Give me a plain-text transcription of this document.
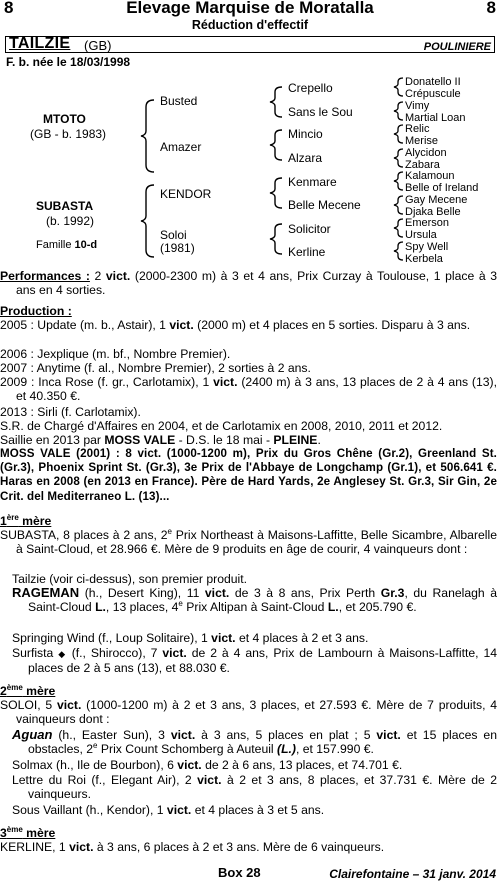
Elevage Marquise de Moratalla
8	8
Réduction d'effectif
TAILZIE (GB)	POULINIERE
F. b. née le 18/03/1998
MTOTO
(GB - b. 1983)
SUBASTA
(b. 1992)
Famille 10-d
Busted
Amazer
KENDOR
Soloi
(1981)
Crepello
Sans le Sou
Mincio
Alzara
Kenmare
Belle Mecene
Solicitor
Kerline
Donatello II
Crépuscule
Vimy
Martial Loan
Relic
Merise
Alycidon
Zabara
Kalamoun
Belle of Ireland
Gay Mecene
Djaka Belle
Emerson
Ursula
Spy Well
Kerbela
Performances : 2 vict. (2000-2300 m) à 3 et 4 ans, Prix Curzay à Toulouse, 1 place à 3 ans en 4 sorties.
Production :
2005 : Update (m. b., Astair), 1 vict. (2000 m) et 4 places en 5 sorties. Disparu à 3 ans.
2006 : Jexplique (m. bf., Nombre Premier).
2007 : Anytime (f. al., Nombre Premier), 2 sorties à 2 ans.
2009 : Inca Rose (f. gr., Carlotamix), 1 vict. (2400 m) à 3 ans, 13 places de 2 à 4 ans (13), et 40.350 €.
2013 : Sirli (f. Carlotamix).
S.R. de Chargé d'Affaires en 2004, et de Carlotamix en 2008, 2010, 2011 et 2012.
Saillie en 2013 par MOSS VALE - D.S. le 18 mai - PLEINE.
MOSS VALE (2001) : 8 vict. (1000-1200 m), Prix du Gros Chêne (Gr.2), Greenland St. (Gr.3), Phoenix Sprint St. (Gr.3), 3e Prix de l'Abbaye de Longchamp (Gr.1), et 506.641 €. Haras en 2008 (en 2013 en France). Père de Hard Yards, 2e Anglesey St. Gr.3, Sir Gin, 2e Crit. del Mediterraneo L. (13)...
1ère mère
SUBASTA, 8 places à 2 ans, 2e Prix Northeast à Maisons-Laffitte, Belle Sicambre, Albarelle à Saint-Cloud, et 28.966 €. Mère de 9 produits en âge de courir, 4 vainqueurs dont :
Tailzie (voir ci-dessus), son premier produit.
RAGEMAN (h., Desert King), 11 vict. de 3 à 8 ans, Prix Perth Gr.3, du Ranelagh à Saint-Cloud L., 13 places, 4e Prix Altipan à Saint-Cloud L., et 205.790 €.
Springing Wind (f., Loup Solitaire), 1 vict. et 4 places à 2 et 3 ans.
Surfista ◆ (f., Shirocco), 7 vict. de 2 à 4 ans, Prix de Lambourn à Maisons-Laffitte, 14 places de 2 à 5 ans (13), et 88.030 €.
2ème mère
SOLOI, 5 vict. (1000-1200 m) à 2 et 3 ans, 3 places, et 27.593 €. Mère de 7 produits, 4 vainqueurs dont :
Aguan (h., Easter Sun), 3 vict. à 3 ans, 5 places en plat ; 5 vict. et 15 places en obstacles, 2e Prix Count Schomberg à Auteuil (L.), et 157.990 €.
Solmax (h., Ile de Bourbon), 6 vict. de 2 à 6 ans, 13 places, et 74.701 €.
Lettre du Roi (f., Elegant Air), 2 vict. à 2 et 3 ans, 8 places, et 37.731 €. Mère de 2 vainqueurs.
Sous Vaillant (h., Kendor), 1 vict. et 4 places à 3 et 5 ans.
3ème mère
KERLINE, 1 vict. à 3 ans, 6 places à 2 et 3 ans. Mère de 6 vainqueurs.
Box 28	Clairefontaine – 31 janv. 2014
